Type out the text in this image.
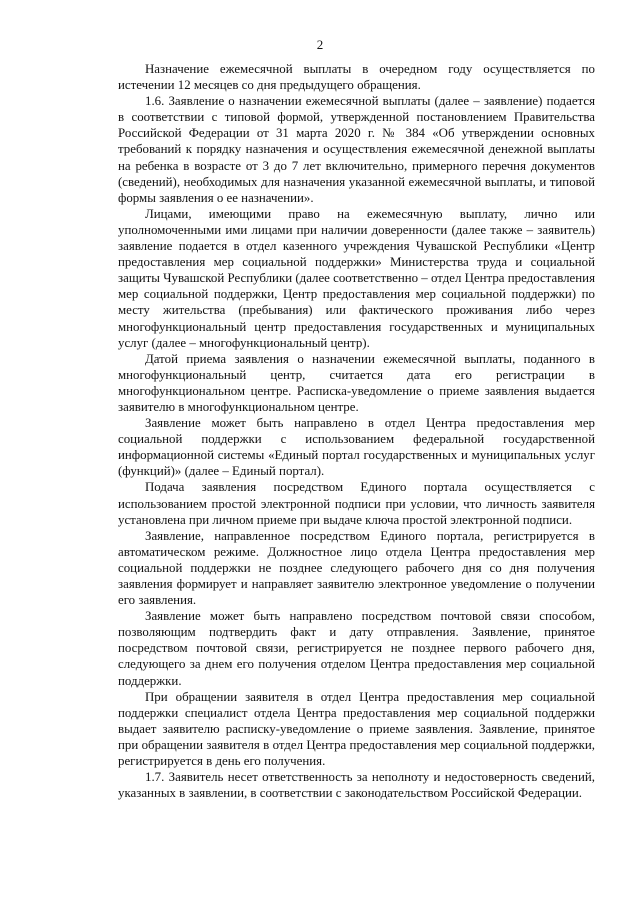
2

Назначение ежемесячной выплаты в очередном году осуществляется по истечении 12 месяцев со дня предыдущего обращения.

1.6. Заявление о назначении ежемесячной выплаты (далее – заявление) подается в соответствии с типовой формой, утвержденной постановлением Правительства Российской Федерации от 31 марта 2020 г. № 384 «Об утверждении основных требований к порядку назначения и осуществления ежемесячной денежной выплаты на ребенка в возрасте от 3 до 7 лет включительно, примерного перечня документов (сведений), необходимых для назначения указанной ежемесячной выплаты, и типовой формы заявления о ее назначении».

Лицами, имеющими право на ежемесячную выплату, лично или уполномоченными ими лицами при наличии доверенности (далее также – заявитель) заявление подается в отдел казенного учреждения Чувашской Республики «Центр предоставления мер социальной поддержки» Министерства труда и социальной защиты Чувашской Республики (далее соответственно – отдел Центра предоставления мер социальной поддержки, Центр предоставления мер социальной поддержки) по месту жительства (пребывания) или фактического проживания либо через многофункциональный центр предоставления государственных и муниципальных услуг (далее – многофункциональный центр).

Датой приема заявления о назначении ежемесячной выплаты, поданного в многофункциональный центр, считается дата его регистрации в многофункциональном центре. Расписка-уведомление о приеме заявления выдается заявителю в многофункциональном центре.

Заявление может быть направлено в отдел Центра предоставления мер социальной поддержки с использованием федеральной государственной информационной системы «Единый портал государственных и муниципальных услуг (функций)» (далее – Единый портал).

Подача заявления посредством Единого портала осуществляется с использованием простой электронной подписи при условии, что личность заявителя установлена при личном приеме при выдаче ключа простой электронной подписи.

Заявление, направленное посредством Единого портала, регистрируется в автоматическом режиме. Должностное лицо отдела Центра предоставления мер социальной поддержки не позднее следующего рабочего дня со дня получения заявления формирует и направляет заявителю электронное уведомление о получении его заявления.

Заявление может быть направлено посредством почтовой связи способом, позволяющим подтвердить факт и дату отправления. Заявление, принятое посредством почтовой связи, регистрируется не позднее первого рабочего дня, следующего за днем его получения отделом Центра предоставления мер социальной поддержки.

При обращении заявителя в отдел Центра предоставления мер социальной поддержки специалист отдела Центра предоставления мер социальной поддержки выдает заявителю расписку-уведомление о приеме заявления. Заявление, принятое при обращении заявителя в отдел Центра предоставления мер социальной поддержки, регистрируется в день его получения.

1.7. Заявитель несет ответственность за неполноту и недостоверность сведений, указанных в заявлении, в соответствии с законодательством Российской Федерации.
